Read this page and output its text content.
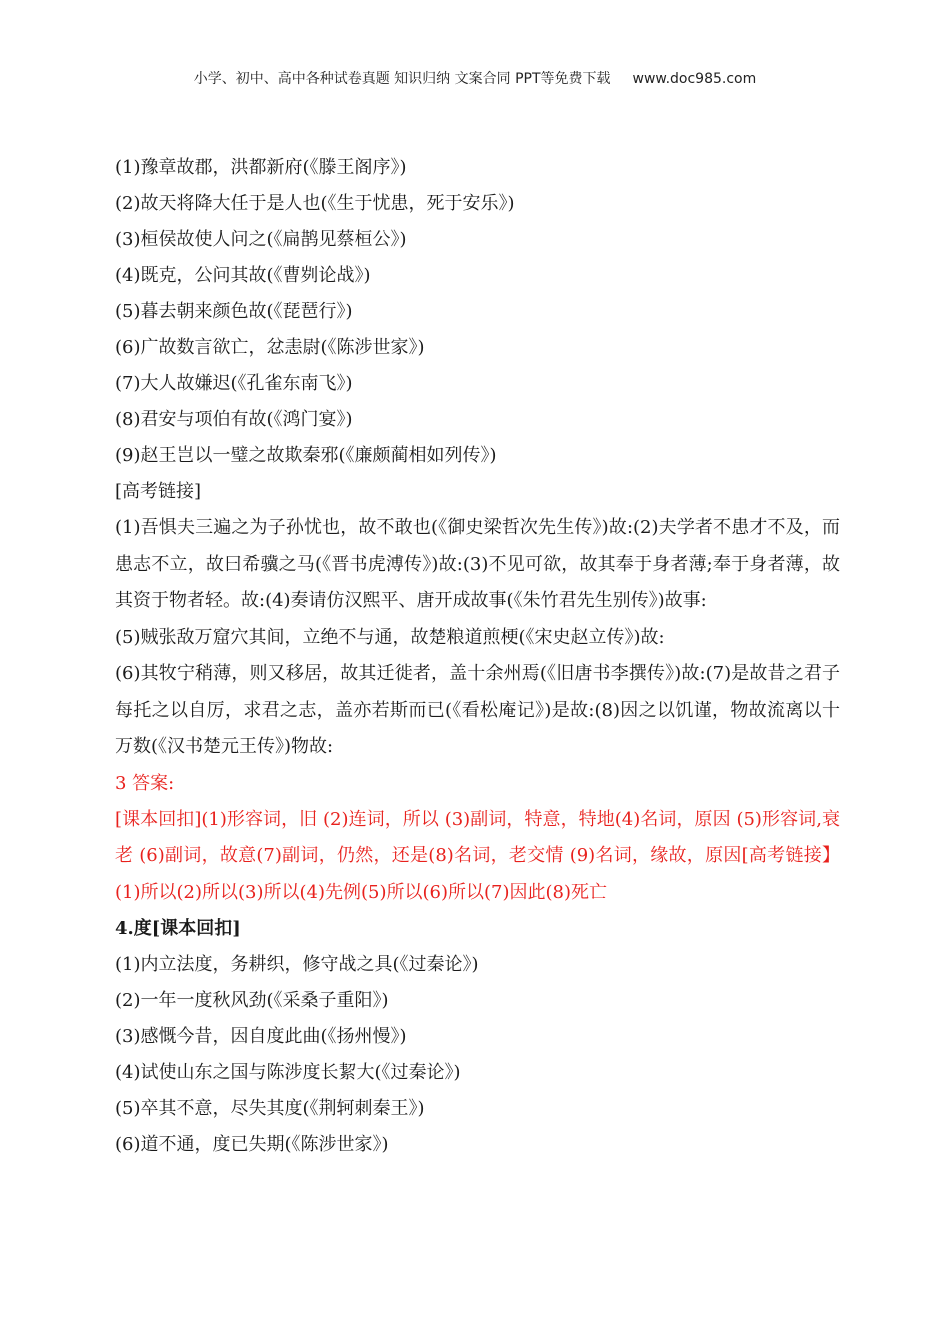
小学、初中、高中各种试卷真题 知识归纳 文案合同 PPT等免费下载 www.doc985.com

(1)豫章故郡，洪都新府(《滕王阁序》)

(2)故天将降大任于是人也(《生于忧患，死于安乐》)

(3)桓侯故使人问之(《扁鹊见蔡桓公》)

(4)既克，公问其故(《曹刿论战》)

(5)暮去朝来颜色故(《琵琶行》)

(6)广故数言欲亡，忿恚尉(《陈涉世家》)

(7)大人故嫌迟(《孔雀东南飞》)

(8)君安与项伯有故(《鸿门宴》)

(9)赵王岂以一璧之故欺秦邪(《廉颇蔺相如列传》)

[高考链接]

(1)吾惧夫三遍之为子孙忧也，故不敢也(《御史梁哲次先生传》)故:(2)夫学者不患才不及，而患志不立，故曰希骥之马(《晋书虎溥传》)故:(3)不见可欲，故其奉于身者薄;奉于身者薄，故其资于物者轻。故:(4)奏请仿汉熙平、唐开成故事(《朱竹君先生别传》)故事:

(5)贼张敌万窟穴其间，立绝不与通，故楚粮道煎梗(《宋史赵立传》)故:

(6)其牧宁稍薄，则又移居，故其迁徙者，盖十余州焉(《旧唐书李撰传》)故:(7)是故昔之君子每托之以自厉，求君之志，盖亦若斯而已(《看松庵记》)是故:(8)因之以饥谨，物故流离以十万数(《汉书楚元王传》)物故:

3 答案:

[课本回扣](1)形容词，旧 (2)连词，所以 (3)副词，特意，特地(4)名词，原因 (5)形容词,衰老 (6)副词，故意(7)副词，仍然，还是(8)名词，老交情 (9)名词，缘故，原因[高考链接】(1)所以(2)所以(3)所以(4)先例(5)所以(6)所以(7)因此(8)死亡

4.度[课本回扣]

(1)内立法度，务耕织，修守战之具(《过秦论》)

(2)一年一度秋风劲(《采桑子重阳》)

(3)感慨今昔，因自度此曲(《扬州慢》)

(4)试使山东之国与陈涉度长絜大(《过秦论》)

(5)卒其不意，尽失其度(《荆轲刺秦王》)

(6)道不通，度已失期(《陈涉世家》)
